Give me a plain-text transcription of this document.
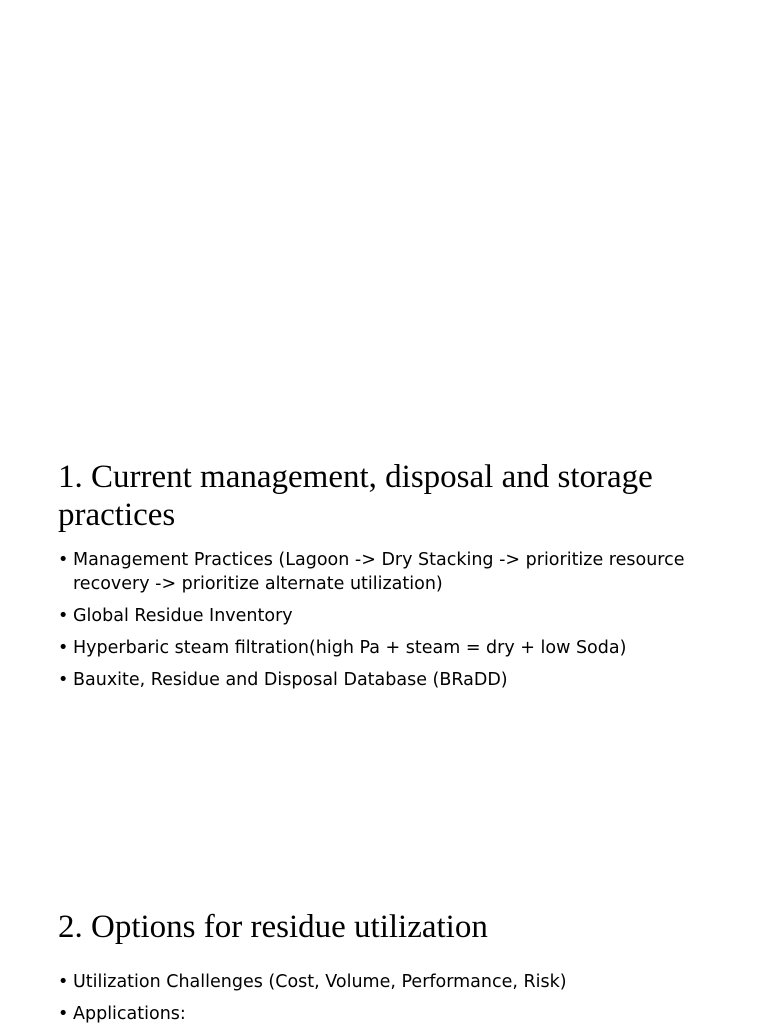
1. Current management, disposal and storage practices
• Management Practices (Lagoon -> Dry Stacking -> prioritize resource recovery -> prioritize alternate utilization)
• Global Residue Inventory
• Hyperbaric steam filtration(high Pa + steam = dry + low Soda)
• Bauxite, Residue and Disposal Database (BRaDD)
2. Options for residue utilization
• Utilization Challenges (Cost, Volume, Performance, Risk)
• Applications:
